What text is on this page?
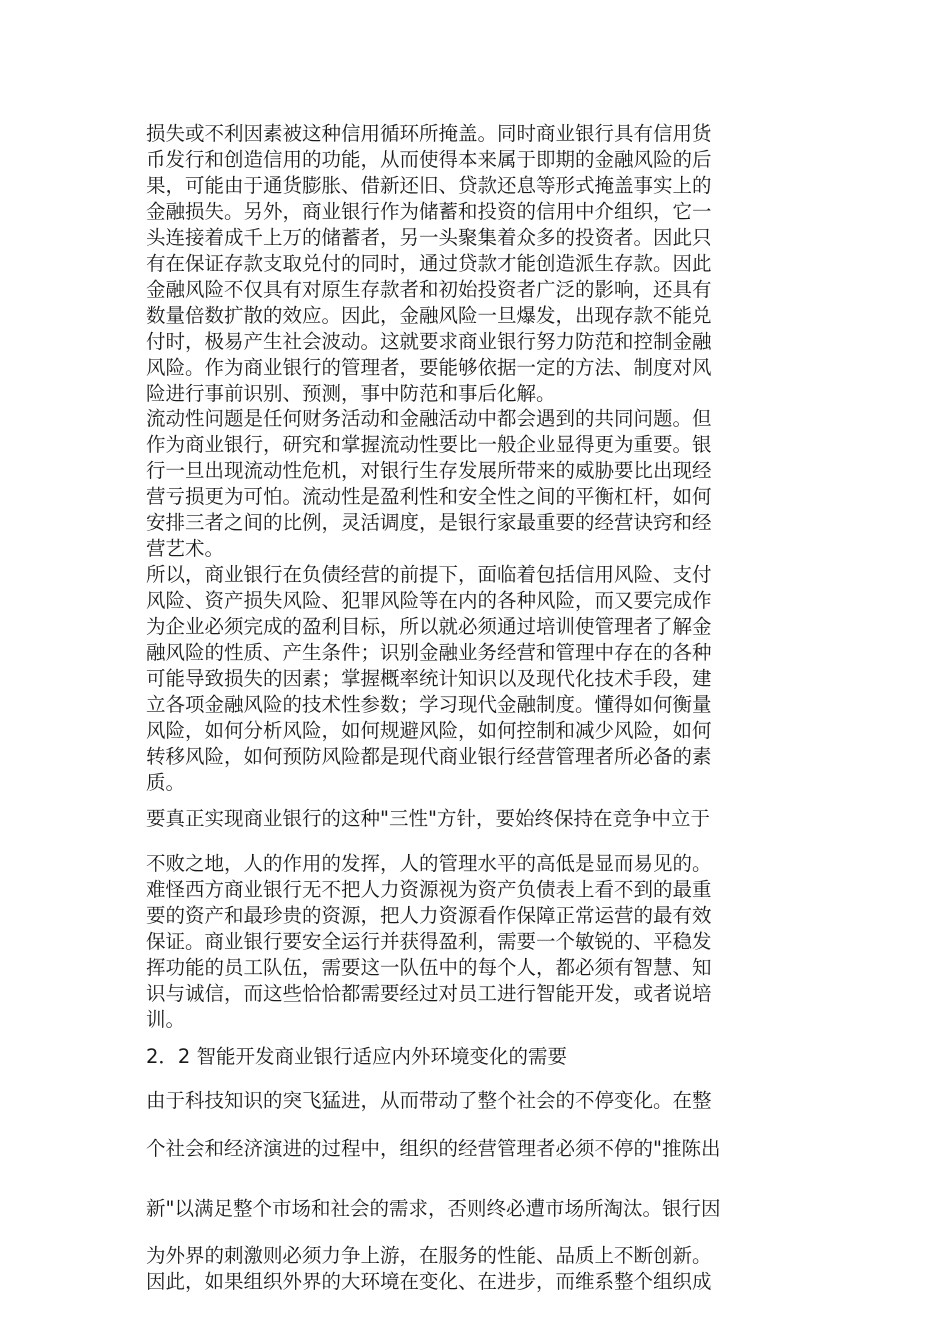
损失或不利因素被这种信用循环所掩盖。同时商业银行具有信用货

币发行和创造信用的功能，从而使得本来属于即期的金融风险的后

果，可能由于通货膨胀、借新还旧、贷款还息等形式掩盖事实上的

金融损失。另外，商业银行作为储蓄和投资的信用中介组织，它一

头连接着成千上万的储蓄者，另一头聚集着众多的投资者。因此只

有在保证存款支取兑付的同时，通过贷款才能创造派生存款。因此

金融风险不仅具有对原生存款者和初始投资者广泛的影响，还具有

数量倍数扩散的效应。因此，金融风险一旦爆发，出现存款不能兑

付时，极易产生社会波动。这就要求商业银行努力防范和控制金融

风险。作为商业银行的管理者，要能够依据一定的方法、制度对风

险进行事前识别、预测，事中防范和事后化解。

流动性问题是任何财务活动和金融活动中都会遇到的共同问题。但

作为商业银行，研究和掌握流动性要比一般企业显得更为重要。银

行一旦出现流动性危机，对银行生存发展所带来的威胁要比出现经

营亏损更为可怕。流动性是盈利性和安全性之间的平衡杠杆，如何

安排三者之间的比例，灵活调度，是银行家最重要的经营诀窍和经

营艺术。

所以，商业银行在负债经营的前提下，面临着包括信用风险、支付

风险、资产损失风险、犯罪风险等在内的各种风险，而又要完成作

为企业必须完成的盈利目标，所以就必须通过培训使管理者了解金

融风险的性质、产生条件；识别金融业务经营和管理中存在的各种

可能导致损失的因素；掌握概率统计知识以及现代化技术手段，建

立各项金融风险的技术性参数；学习现代金融制度。懂得如何衡量

风险，如何分析风险，如何规避风险，如何控制和减少风险，如何

转移风险，如何预防风险都是现代商业银行经营管理者所必备的素

质。

要真正实现商业银行的这种"三性"方针，要始终保持在竞争中立于

不败之地，人的作用的发挥，人的管理水平的高低是显而易见的。

难怪西方商业银行无不把人力资源视为资产负债表上看不到的最重

要的资产和最珍贵的资源，把人力资源看作保障正常运营的最有效

保证。商业银行要安全运行并获得盈利，需要一个敏锐的、平稳发

挥功能的员工队伍，需要这一队伍中的每个人，都必须有智慧、知

识与诚信，而这些恰恰都需要经过对员工进行智能开发，或者说培

训。

2．2 智能开发商业银行适应内外环境变化的需要

由于科技知识的突飞猛进，从而带动了整个社会的不停变化。在整

个社会和经济演进的过程中，组织的经营管理者必须不停的"推陈出

新"以满足整个市场和社会的需求，否则终必遭市场所淘汰。银行因

为外界的刺激则必须力争上游，在服务的性能、品质上不断创新。

因此，如果组织外界的大环境在变化、在进步，而维系整个组织成
